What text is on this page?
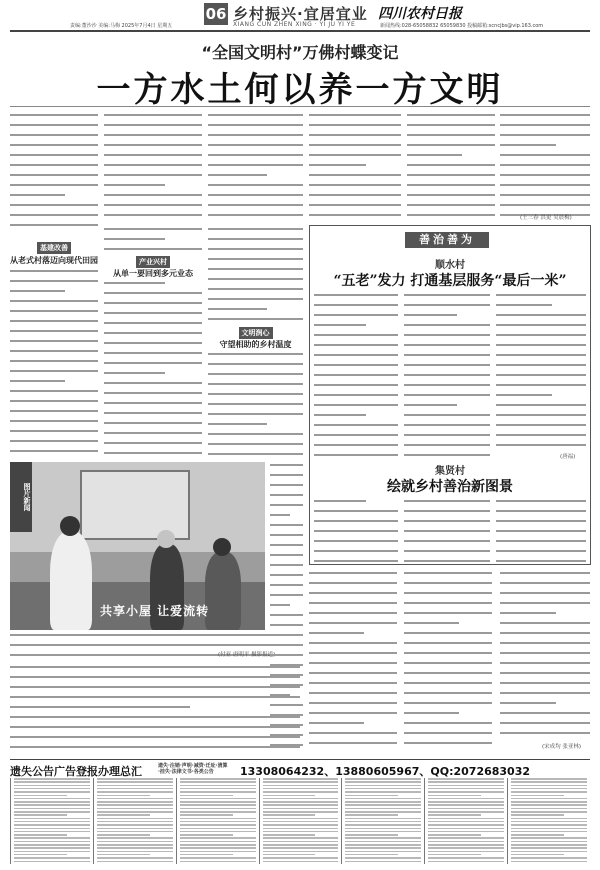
06 乡村振兴·宜居宜业
XIANG CUN ZHEN XING · YI JU YI YE
四川农村日报
责编:董沙沙 美编:马梅 2025年7月4日 星期五	新闻热线:028-65058832 65059830 投稿邮箱:scncjbs@vip.163.com
“全国文明村”万佛村蝶变记
一方水土何以养一方文明
基建改善
从老式村落迈向现代田园	产业兴村
从单一要回到多元业态
文明润心
守望相助的乡村温度
图片新闻
共享小屋 让爱流转
(付亚 唐明平 摄影报道)
善治善为
顺水村
“五老”发力 打通基层服务“最后一米”
(唐福)
集贤村
绘就乡村善治新图景
(宋成均 张亚林)
(王三春 洪更 吴晨梅)
遗失公告广告登报办理总汇	遗失·注销·声明·减资·迁址·清算·挂失·法律文书·各类公告	13308064232、13880605967、QQ:2072683032
